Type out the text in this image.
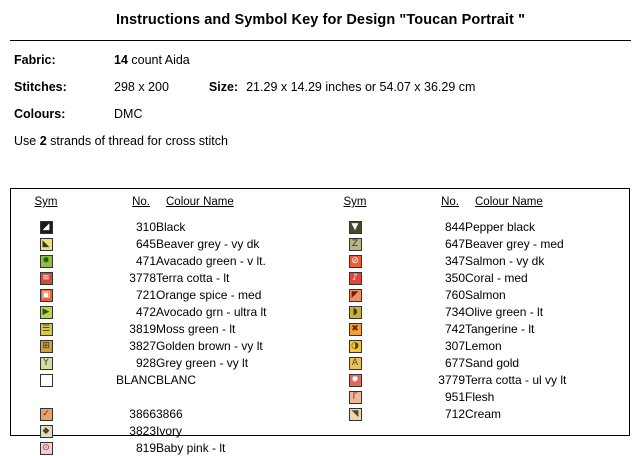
Instructions and Symbol Key for Design "Toucan Portrait "
Fabric:	14 count Aida
Stitches:	298 x 200	Size: 21.29 x 14.29 inches or 54.07 x 36.29 cm
Colours:	DMC
Use 2 strands of thread for cross stitch
Sym	No.	Colour Name
◢	310	Black
◣	645	Beaver grey - vy dk
✸	471	Avacado green - v lt.
≡	3778	Terra cotta - lt
▣	721	Orange spice - med
▶	472	Avocado grn - ultra lt
☰	3819	Moss green - lt
⊞	3827	Golden brown - vy lt
Y	928	Grey green - vy lt
	BLANC	BLANC

✓	3866	3866
◆	3823	Ivory
⊙	819	Baby pink - lt
Sym	No.	Colour Name
▼	844	Pepper black
Z	647	Beaver grey - med
⊘	347	Salmon - vy dk
♪	350	Coral - med
◤	760	Salmon
◗	734	Olive green - lt
✖	742	Tangerine - lt
◑	307	Lemon
A	677	Sand gold
✸	3779	Terra cotta - ul vy lt
Γ	951	Flesh
◥	712	Cream
